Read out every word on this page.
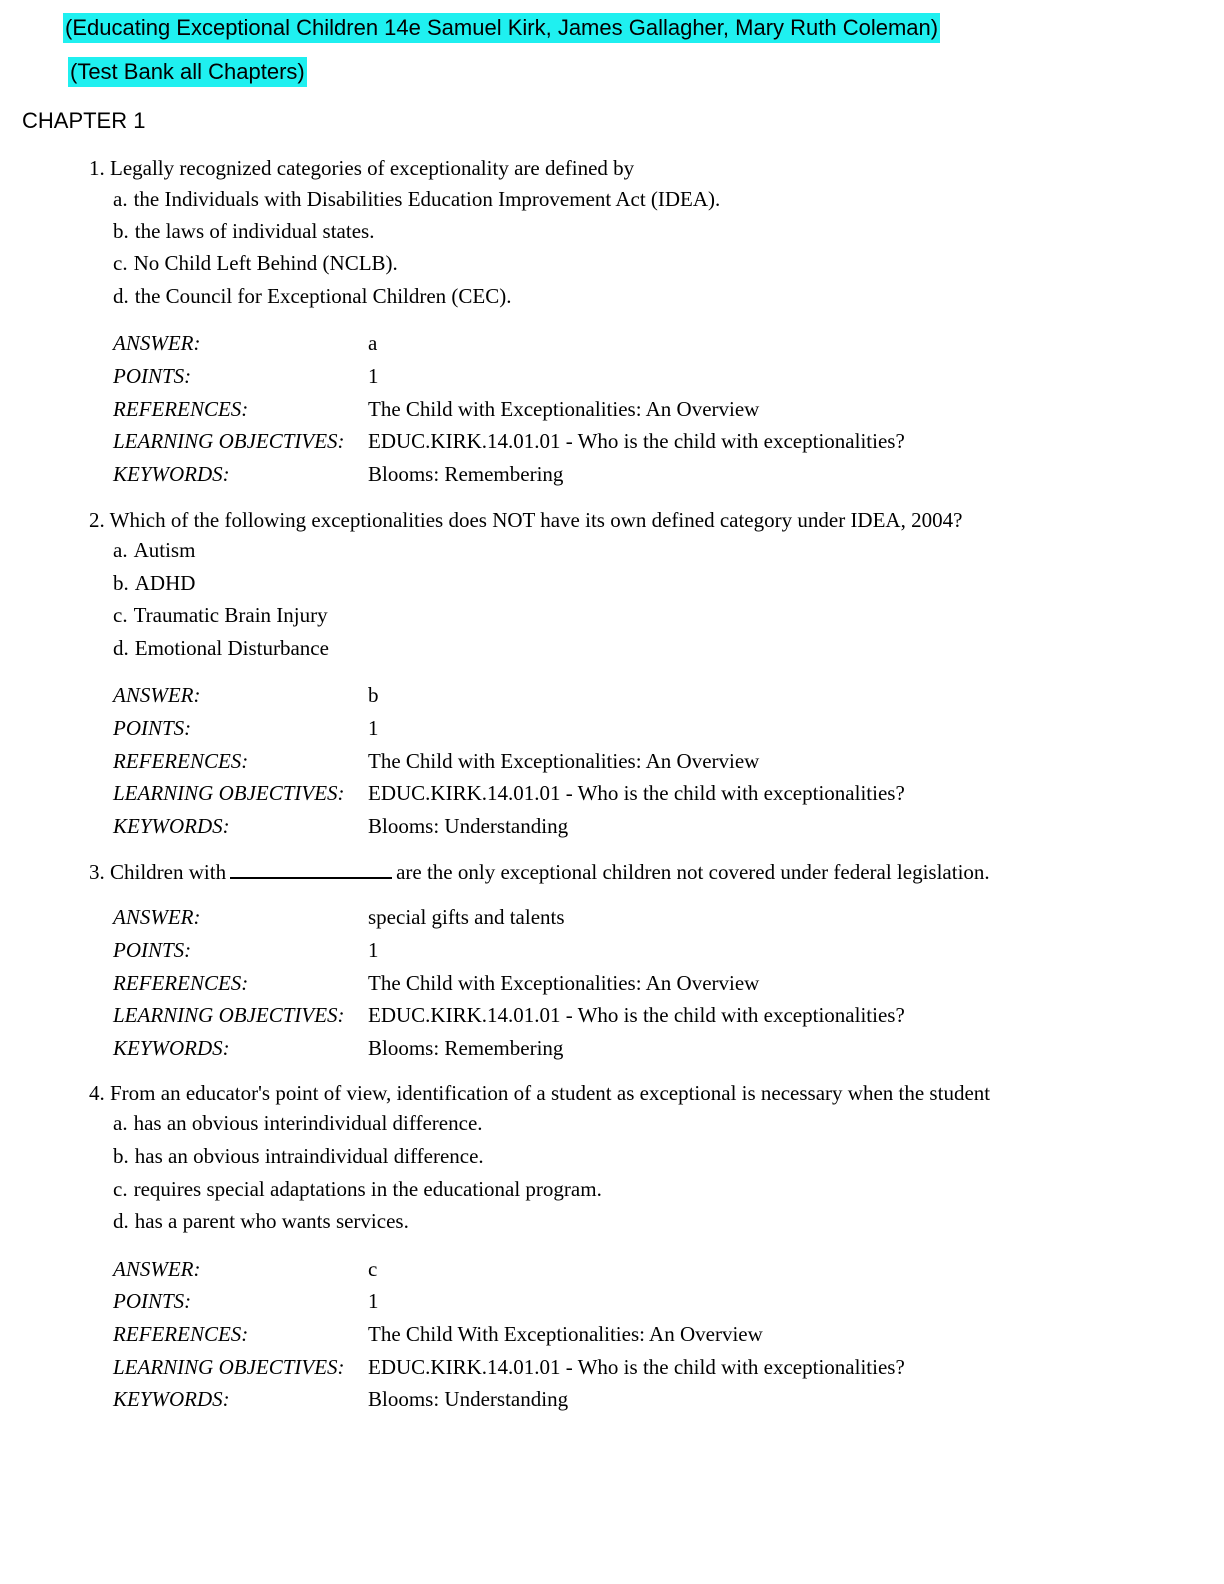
(Educating Exceptional Children 14e Samuel Kirk, James Gallagher, Mary Ruth Coleman)
(Test Bank all Chapters)
CHAPTER 1
1. Legally recognized categories of exceptionality are defined by
a. the Individuals with Disabilities Education Improvement Act (IDEA).
b. the laws of individual states.
c. No Child Left Behind (NCLB).
d. the Council for Exceptional Children (CEC).
ANSWER:	a
POINTS:	1
REFERENCES:	The Child with Exceptionalities: An Overview
LEARNING OBJECTIVES: EDUC.KIRK.14.01.01 - Who is the child with exceptionalities?
KEYWORDS:	Blooms: Remembering
2. Which of the following exceptionalities does NOT have its own defined category under IDEA, 2004?
a. Autism
b. ADHD
c. Traumatic Brain Injury
d. Emotional Disturbance
ANSWER:	b
POINTS:	1
REFERENCES:	The Child with Exceptionalities: An Overview
LEARNING OBJECTIVES: EDUC.KIRK.14.01.01 - Who is the child with exceptionalities?
KEYWORDS:	Blooms: Understanding
3. Children with	are the only exceptional children not covered under federal legislation.
ANSWER:	special gifts and talents
POINTS:	1
REFERENCES:	The Child with Exceptionalities: An Overview
LEARNING OBJECTIVES: EDUC.KIRK.14.01.01 - Who is the child with exceptionalities?
KEYWORDS:	Blooms: Remembering
4. From an educator's point of view, identification of a student as exceptional is necessary when the student
a. has an obvious interindividual difference.
b. has an obvious intraindividual difference.
c. requires special adaptations in the educational program.
d. has a parent who wants services.
ANSWER:	c
POINTS:	1
REFERENCES:	The Child With Exceptionalities: An Overview
LEARNING OBJECTIVES: EDUC.KIRK.14.01.01 - Who is the child with exceptionalities?
KEYWORDS:	Blooms: Understanding
